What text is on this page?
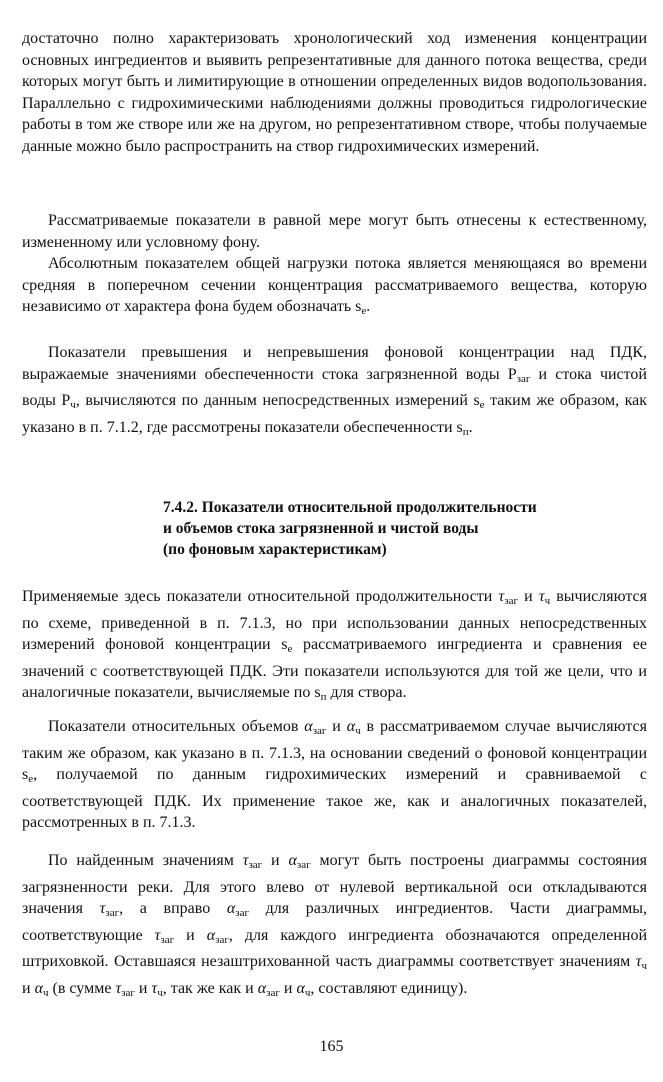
достаточно полно характеризовать хронологический ход изменения концентрации основных ингредиентов и выявить репрезентативные для данного потока вещества, среди которых могут быть и лимитирующие в отношении определенных видов водопользования. Параллельно с гидрохимическими наблюдениями должны проводиться гидрологические работы в том же створе или же на другом, но репрезентативном створе, чтобы получаемые данные можно было распространить на створ гидрохимических измерений.

Рассматриваемые показатели в равной мере могут быть отнесены к естественному, измененному или условному фону.

Абсолютным показателем общей нагрузки потока является меняющаяся во времени средняя в поперечном сечении концентрация рассматриваемого вещества, которую независимо от характера фона будем обозначать $s_e$.

Показатели превышения и непревышения фоновой концентрации над ПДК, выражаемые значениями обеспеченности стока загрязненной воды $P_{заг}$ и стока чистой воды $P_ч$, вычисляются по данным непосредственных измерений $s_e$ таким же образом, как указано в п. 7.1.2, где рассмотрены показатели обеспеченности $s_п$.

7.4.2. Показатели относительной продолжительности
и объемов стока загрязненной и чистой воды
(по фоновым характеристикам)

Применяемые здесь показатели относительной продолжительности $\tau_{заг}$ и $\tau_ч$ вычисляются по схеме, приведенной в п. 7.1.3, но при использовании данных непосредственных измерений фоновой концентрации $s_e$ рассматриваемого ингредиента и сравнения ее значений с соответствующей ПДК. Эти показатели используются для той же цели, что и аналогичные показатели, вычисляемые по $s_п$ для створа.

Показатели относительных объемов $\alpha_{заг}$ и $\alpha_ч$ в рассматриваемом случае вычисляются таким же образом, как указано в п. 7.1.3, на основании сведений о фоновой концентрации $s_e$, получаемой по данным гидрохимических измерений и сравниваемой с соответствующей ПДК. Их применение такое же, как и аналогичных показателей, рассмотренных в п. 7.1.3.

По найденным значениям $\tau_{заг}$ и $\alpha_{заг}$ могут быть построены диаграммы состояния загрязненности реки. Для этого влево от нулевой вертикальной оси откладываются значения $\tau_{заг}$, а вправо $\alpha_{заг}$ для различных ингредиентов. Части диаграммы, соответствующие $\tau_{заг}$ и $\alpha_{заг}$, для каждого ингредиента обозначаются определенной штриховкой. Оставшаяся незаштрихованной часть диаграммы соответствует значениям $\tau_ч$ и $\alpha_ч$ (в сумме $\tau_{заг}$ и $\tau_ч$, так же как и $\alpha_{заг}$ и $\alpha_ч$, составляют единицу).

165
